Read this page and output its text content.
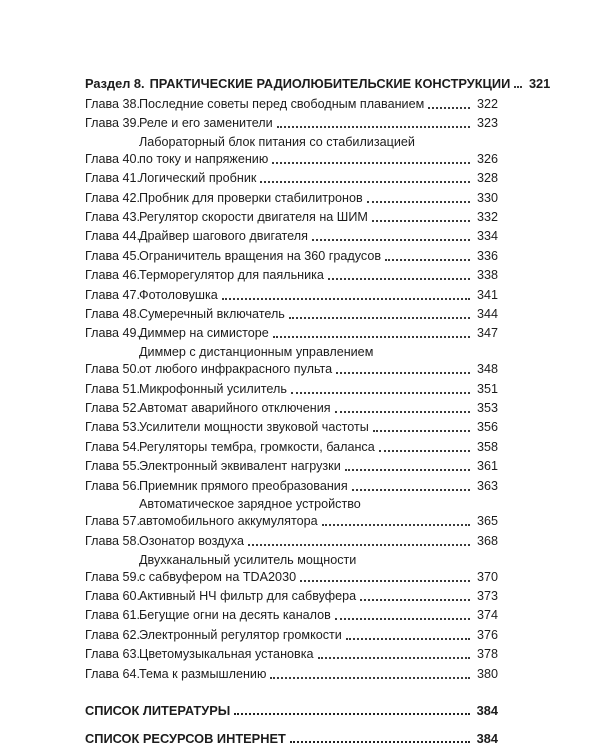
Раздел 8. ПРАКТИЧЕСКИЕ РАДИОЛЮБИТЕЛЬСКИЕ КОНСТРУКЦИИ 321
Глава 38.
Последние советы перед свободным плаванием	322
Глава 39.
Реле и его заменители	323
Глава 40.
Лабораторный блок питания со стабилизацией
по току и напряжению	326
Глава 41.
Логический пробник	328
Глава 42.
Пробник для проверки стабилитронов	330
Глава 43.
Регулятор скорости двигателя на ШИМ	332
Глава 44.
Драйвер шагового двигателя	334
Глава 45.
Ограничитель вращения на 360 градусов	336
Глава 46.
Терморегулятор для паяльника	338
Глава 47.
Фотоловушка	341
Глава 48.
Сумеречный включатель	344
Глава 49.
Диммер на симисторе	347
Глава 50.
Диммер с дистанционным управлением
от любого инфракрасного пульта	348
Глава 51.
Микрофонный усилитель	351
Глава 52.
Автомат аварийного отключения	353
Глава 53.
Усилители мощности звуковой частоты	356
Глава 54.
Регуляторы тембра, громкости, баланса	358
Глава 55.
Электронный эквивалент нагрузки	361
Глава 56.
Приемник прямого преобразования	363
Глава 57.
Автоматическое зарядное устройство
автомобильного аккумулятора	365
Глава 58.
Озонатор воздуха	368
Глава 59.
Двухканальный усилитель мощности
с сабвуфером на TDA2030	370
Глава 60.
Активный НЧ фильтр для сабвуфера	373
Глава 61.
Бегущие огни на десять каналов	374
Глава 62.
Электронный регулятор громкости	376
Глава 63.
Цветомузыкальная установка	378
Глава 64.
Тема к размышлению	380
СПИСОК ЛИТЕРАТУРЫ	384
СПИСОК РЕСУРСОВ ИНТЕРНЕТ	384
